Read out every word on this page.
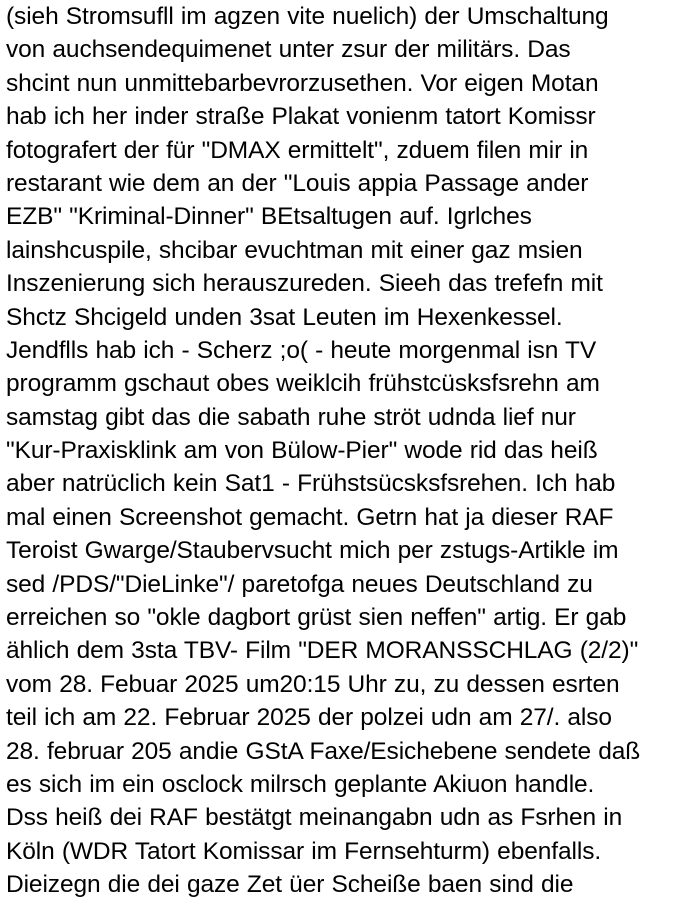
(sieh Stromsufll im agzen vite nuelich) der Umschaltung
von auchsendequimenet unter zsur der militärs. Das
shcint nun unmittebarbevrorzusethen. Vor eigen Motan
hab ich her inder straße Plakat vonienm tatort Komissr
fotografert der für "DMAX ermittelt", zduem filen mir in
restarant wie dem an der "Louis appia Passage ander
EZB" "Kriminal-Dinner" BEtsaltugen auf. Igrlches
lainshcuspile, shcibar evuchtman mit einer gaz msien
Inszenierung sich herauszureden. Sieeh das trefefn mit
Shctz Shcigeld unden 3sat Leuten im Hexenkessel.
Jendflls hab ich - Scherz ;o( - heute morgenmal isn TV
programm gschaut obes weiklcih frühstcüsksfsrehn am
samstag gibt das die sabath ruhe ströt udnda lief nur
"Kur-Praxisklink am von Bülow-Pier" wode rid das heiß
aber natrüclich kein Sat1 - Frühstsücsksfsrehen. Ich hab
mal einen Screenshot gemacht. Getrn hat ja dieser RAF
Teroist Gwarge/Staubervsucht mich per zstugs-Artikle im
sed /PDS/"DieLinke"/ paretofga neues Deutschland zu
erreichen so "okle dagbort grüst sien neffen" artig. Er gab
ählich dem 3sta TBV- Film "DER MORANSSCHLAG (2/2)"
vom 28. Febuar 2025 um20:15 Uhr zu, zu dessen esrten
teil ich am 22. Februar 2025 der polzei udn am 27/. also
28. februar 205 andie GStA Faxe/Esichebene sendete daß
es sich im ein osclock milrsch geplante Akiuon handle.
Dss heiß dei RAF bestätgt meinangabn udn as Fsrhen in
Köln (WDR Tatort Komissar im Fernsehturm) ebenfalls.
Dieizegn die dei gaze Zet üer Scheiße baen sind die
